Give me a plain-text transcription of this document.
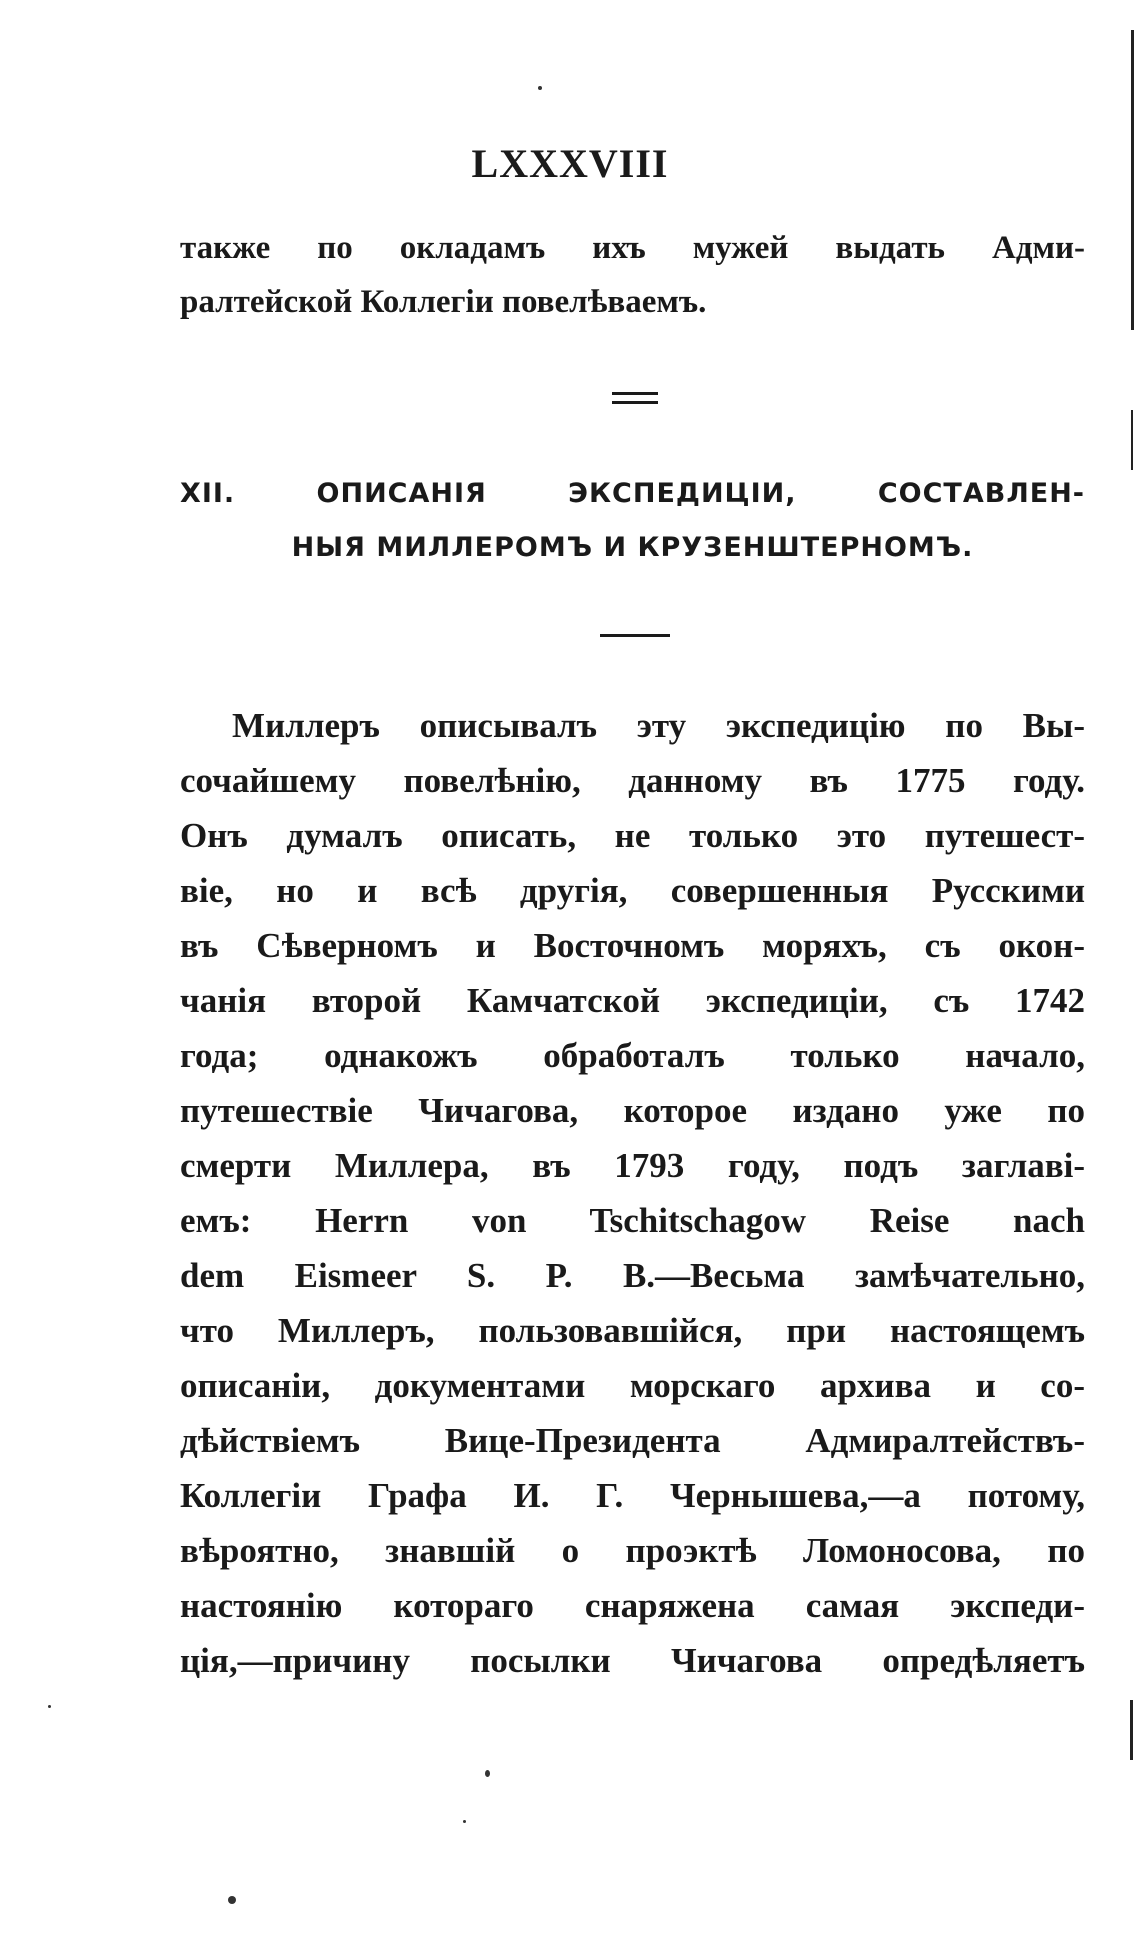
LXXXVIII
также по окладамъ ихъ мужей выдать Адми-
ралтейской Коллегiи повелѣваемъ.
XII. ОПИСАНIЯ ЭКСПЕДИЦIИ, СОСТАВЛЕН-
НЫЯ МИЛЛЕРОМЪ И КРУЗЕНШТЕРНОМЪ.
Миллеръ описывалъ эту экспедицiю по Вы-
сочайшему повелѣнiю, данному въ 1775 году.
Онъ думалъ описать, не только это путешест-
вiе, но и всѣ другiя, совершенныя Русскими
въ Сѣверномъ и Восточномъ моряхъ, съ окон-
чанiя второй Камчатской экспедицiи, съ 1742
года; однакожъ обработалъ только начало,
путешествiе Чичагова, которое издано уже по
смерти Миллера, въ 1793 году, подъ заглавi-
емъ: Herrn von Tschitschagow Reise nach
dem Eismeer S. P. B.—Весьма замѣчательно,
что Миллеръ, пользовавшiйся, при настоящемъ
описанiи, документами морскаго архива и со-
дѣйствiемъ Вице-Президента Адмиралтействъ-
Коллегiи Графа И. Г. Чернышева,—а потому,
вѣроятно, знавшiй о проэктѣ Ломоносова, по
настоянiю котораго снаряжена самая экспеди-
цiя,—причину посылки Чичагова опредѣляетъ
